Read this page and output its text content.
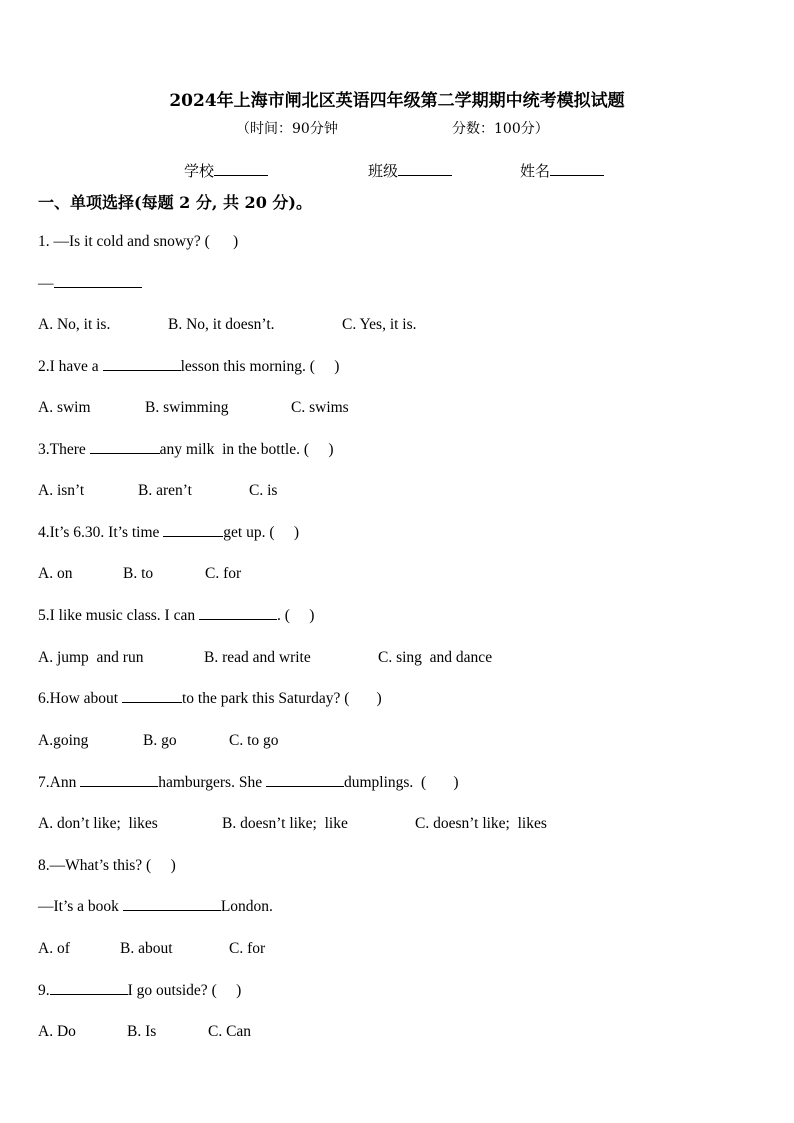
2024年上海市闸北区英语四年级第二学期期中统考模拟试题
（时间：90分钟	分数：100分）
学校	班级	姓名
一、单项选择(每题 2 分, 共 20 分)。
1. —Is it cold and snowy? (      )
—
A. No, it is.	B. No, it doesn’t.	C. Yes, it is.
2.I have a	lesson this morning. (     )
A. swim	B. swimming	C. swims
3.There	any milk  in the bottle. (     )
A. isn’t	B. aren’t	C. is
4.It’s 6.30. It’s time	get up. (     )
A. on	B. to	C. for
5.I like music class. I can	. (     )
A. jump  and run	B. read and write	C. sing  and dance
6.How about	to the park this Saturday? (       )
A.going	B. go	C. to go
7.Ann	hamburgers. She	dumplings.  (       )
A. don’t like;  likes	B. doesn’t like;  like	C. doesn’t like;  likes
8.—What’s this? (     )
—It’s a book	London.
A. of	B. about	C. for
9.	I go outside? (     )
A. Do	B. Is	C. Can
